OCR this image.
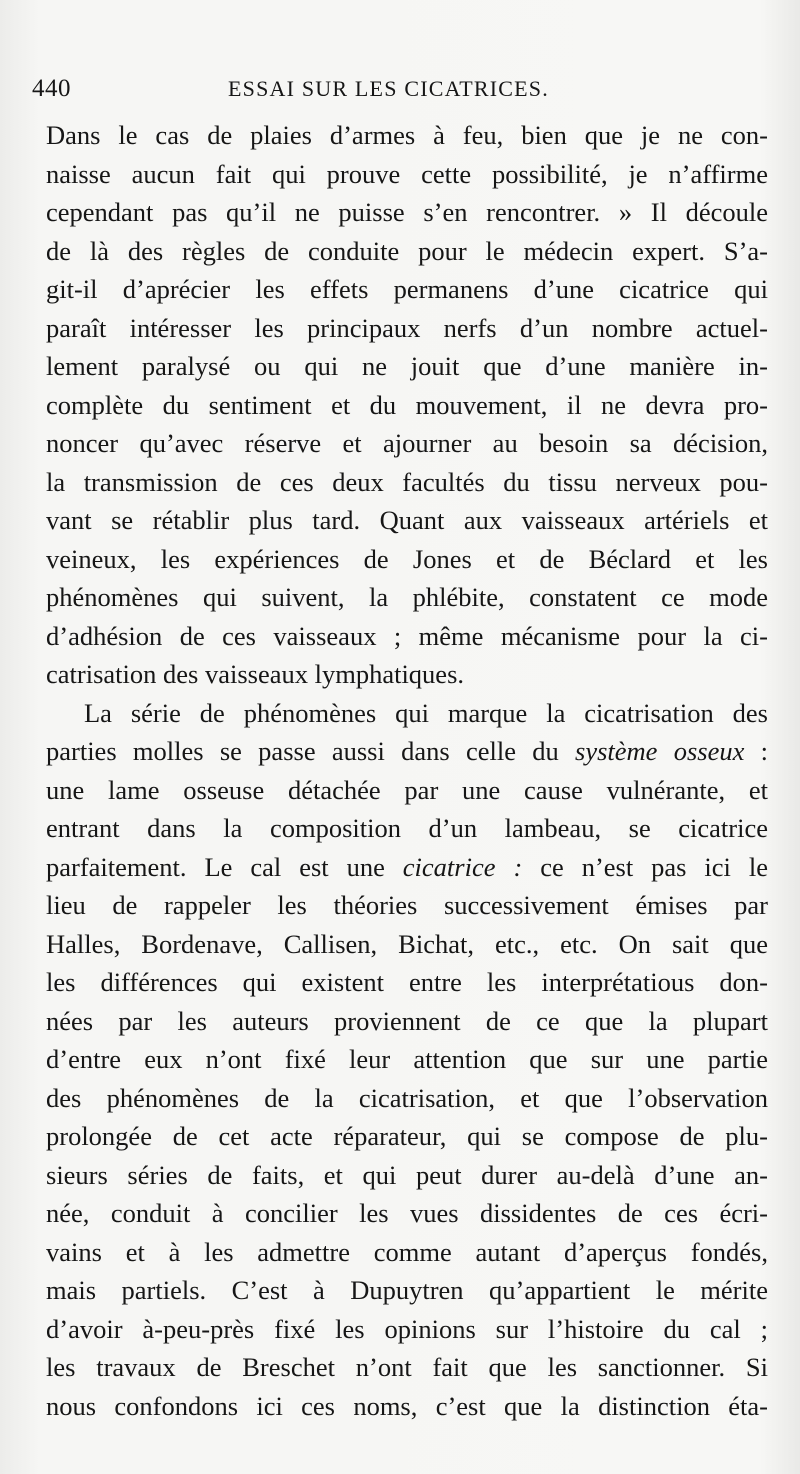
440	ESSAI SUR LES CICATRICES.
Dans le cas de plaies d’armes à feu, bien que je ne con-
naisse aucun fait qui prouve cette possibilité, je n’affirme
cependant pas qu’il ne puisse s’en rencontrer. » Il découle
de là des règles de conduite pour le médecin expert. S’a-
git-il d’aprécier les effets permanens d’une cicatrice qui
paraît intéresser les principaux nerfs d’un nombre actuel-
lement paralysé ou qui ne jouit que d’une manière in-
complète du sentiment et du mouvement, il ne devra pro-
noncer qu’avec réserve et ajourner au besoin sa décision,
la transmission de ces deux facultés du tissu nerveux pou-
vant se rétablir plus tard. Quant aux vaisseaux artériels et
veineux, les expériences de Jones et de Béclard et les
phénomènes qui suivent, la phlébite, constatent ce mode
d’adhésion de ces vaisseaux ; même mécanisme pour la ci-
catrisation des vaisseaux lymphatiques.
La série de phénomènes qui marque la cicatrisation des
parties molles se passe aussi dans celle du système osseux :
une lame osseuse détachée par une cause vulnérante, et
entrant dans la composition d’un lambeau, se cicatrice
parfaitement. Le cal est une cicatrice : ce n’est pas ici le
lieu de rappeler les théories successivement émises par
Halles, Bordenave, Callisen, Bichat, etc., etc. On sait que
les différences qui existent entre les interprétatious don-
nées par les auteurs proviennent de ce que la plupart
d’entre eux n’ont fixé leur attention que sur une partie
des phénomènes de la cicatrisation, et que l’observation
prolongée de cet acte réparateur, qui se compose de plu-
sieurs séries de faits, et qui peut durer au-delà d’une an-
née, conduit à concilier les vues dissidentes de ces écri-
vains et à les admettre comme autant d’aperçus fondés,
mais partiels. C’est à Dupuytren qu’appartient le mérite
d’avoir à-peu-près fixé les opinions sur l’histoire du cal ;
les travaux de Breschet n’ont fait que les sanctionner. Si
nous confondons ici ces noms, c’est que la distinction éta-
